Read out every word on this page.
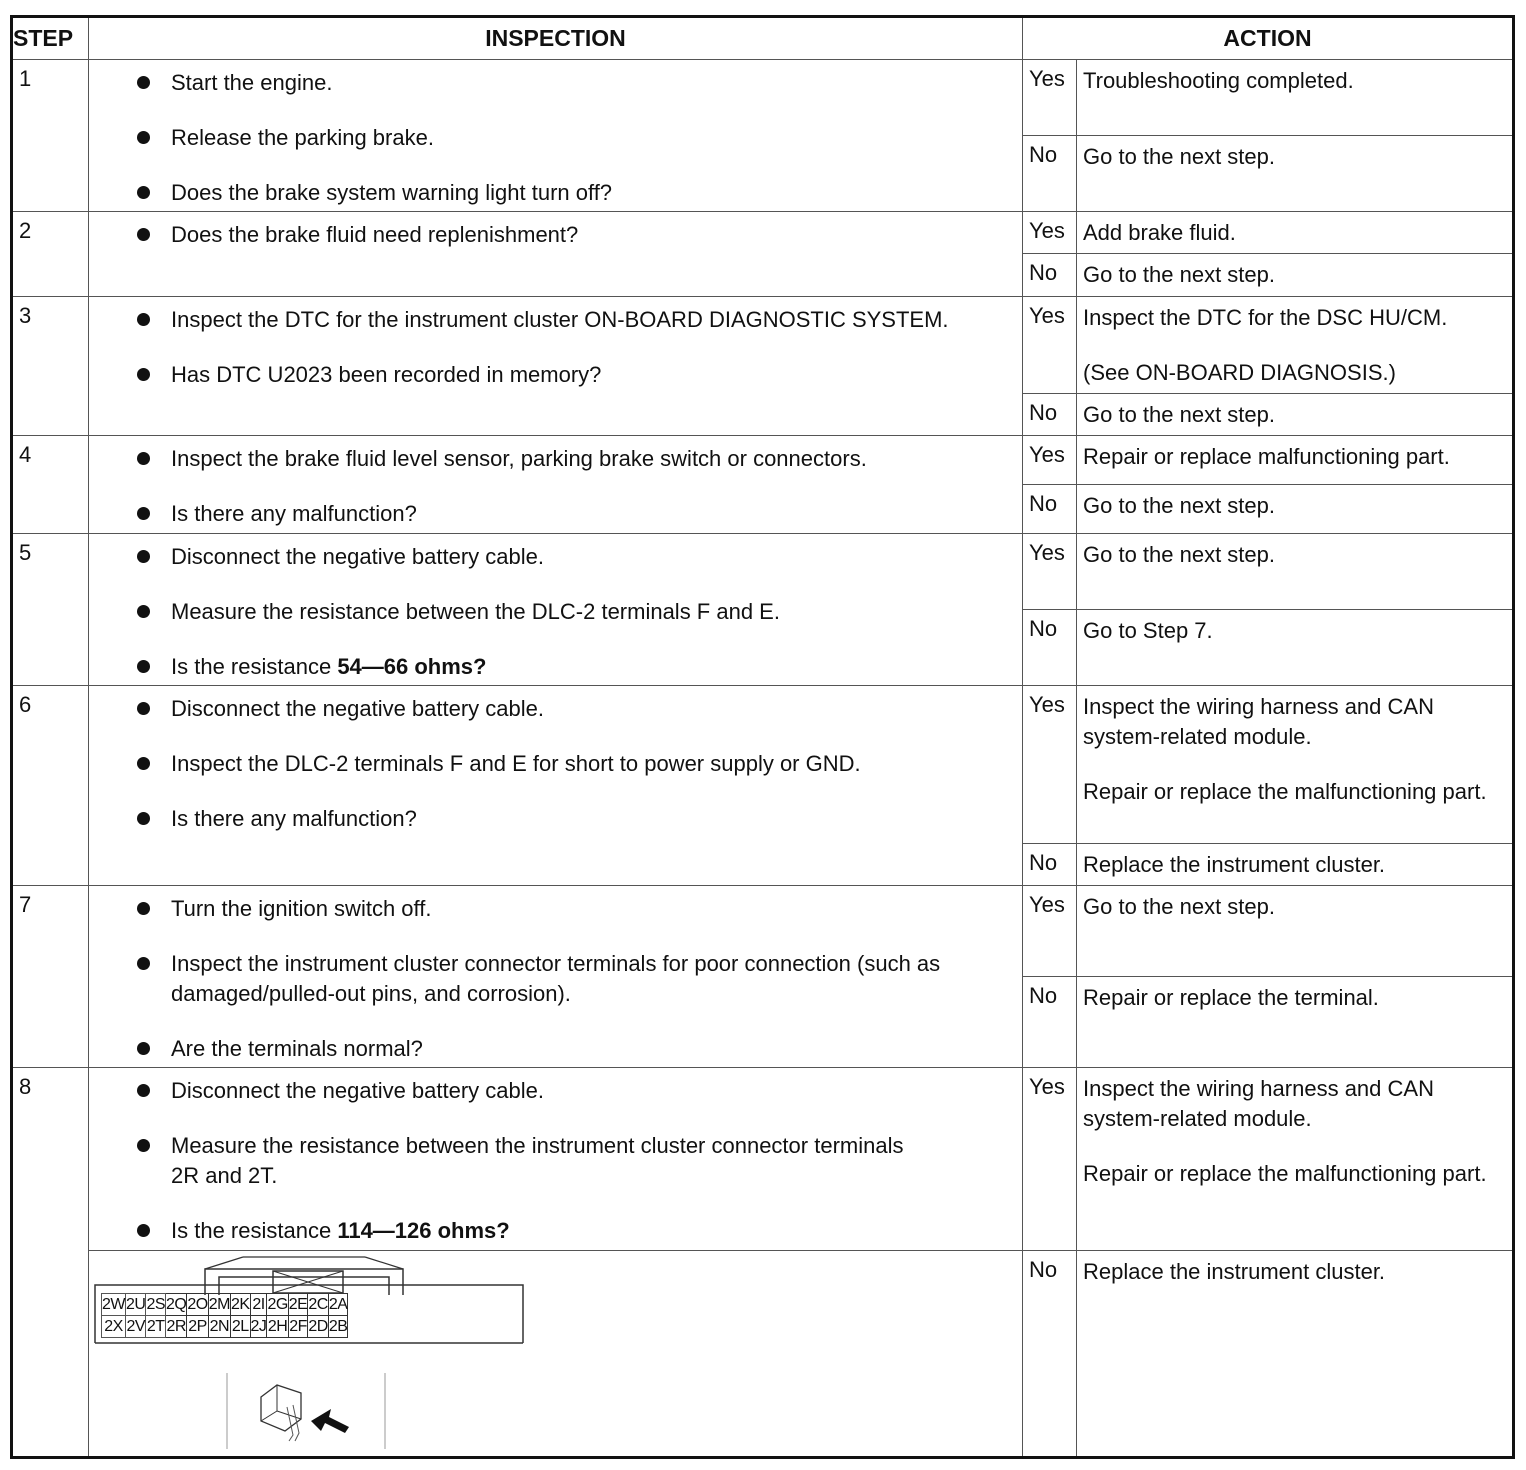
STEP	INSPECTION	ACTION
1	Start the engine.
Release the parking brake.
Does the brake system warning light turn off?
	Yes	Troubleshooting completed.

No	Go to the next step.

2	Does the brake fluid need replenishment?	Yes	Add brake fluid.

No	Go to the next step.

3	Inspect the DTC for the instrument cluster ON-BOARD DIAGNOSTIC SYSTEM.
Has DTC U2023 been recorded in memory?
	Yes	Inspect the DTC for the DSC HU/CM.
(See ON-BOARD DIAGNOSIS.)

No	Go to the next step.

4	Inspect the brake fluid level sensor, parking brake switch or connectors.
Is there any malfunction?
	Yes	Repair or replace malfunctioning part.

No	Go to the next step.

5	Disconnect the negative battery cable.
Measure the resistance between the DLC-2 terminals F and E.
Is the resistance 54—66 ohms?
	Yes	Go to the next step.

No	Go to Step 7.

6	Disconnect the negative battery cable.
Inspect the DLC-2 terminals F and E for short to power supply or GND.
Is there any malfunction?
	Yes	Inspect the wiring harness and CAN system-related module.
Repair or replace the malfunctioning part.

No	Replace the instrument cluster.

7	Turn the ignition switch off.
Inspect the instrument cluster connector terminals for poor connection (such as damaged/pulled-out pins, and corrosion).
Are the terminals normal?
	Yes	Go to the next step.

No	Repair or replace the terminal.

8	Disconnect the negative battery cable.
Measure the resistance between the instrument cluster connector terminals 2R and 2T.
Is the resistance 114—126 ohms?
	Yes	Inspect the wiring harness and CAN system-related module.
Repair or replace the malfunctioning part.

2W	2U	2S	2Q	2O	2M	2K	2I	2G	2E	2C	2A
2X	2V	2T	2R	2P	2N	2L	2J	2H	2F	2D	2B
	No	Replace the instrument cluster.
